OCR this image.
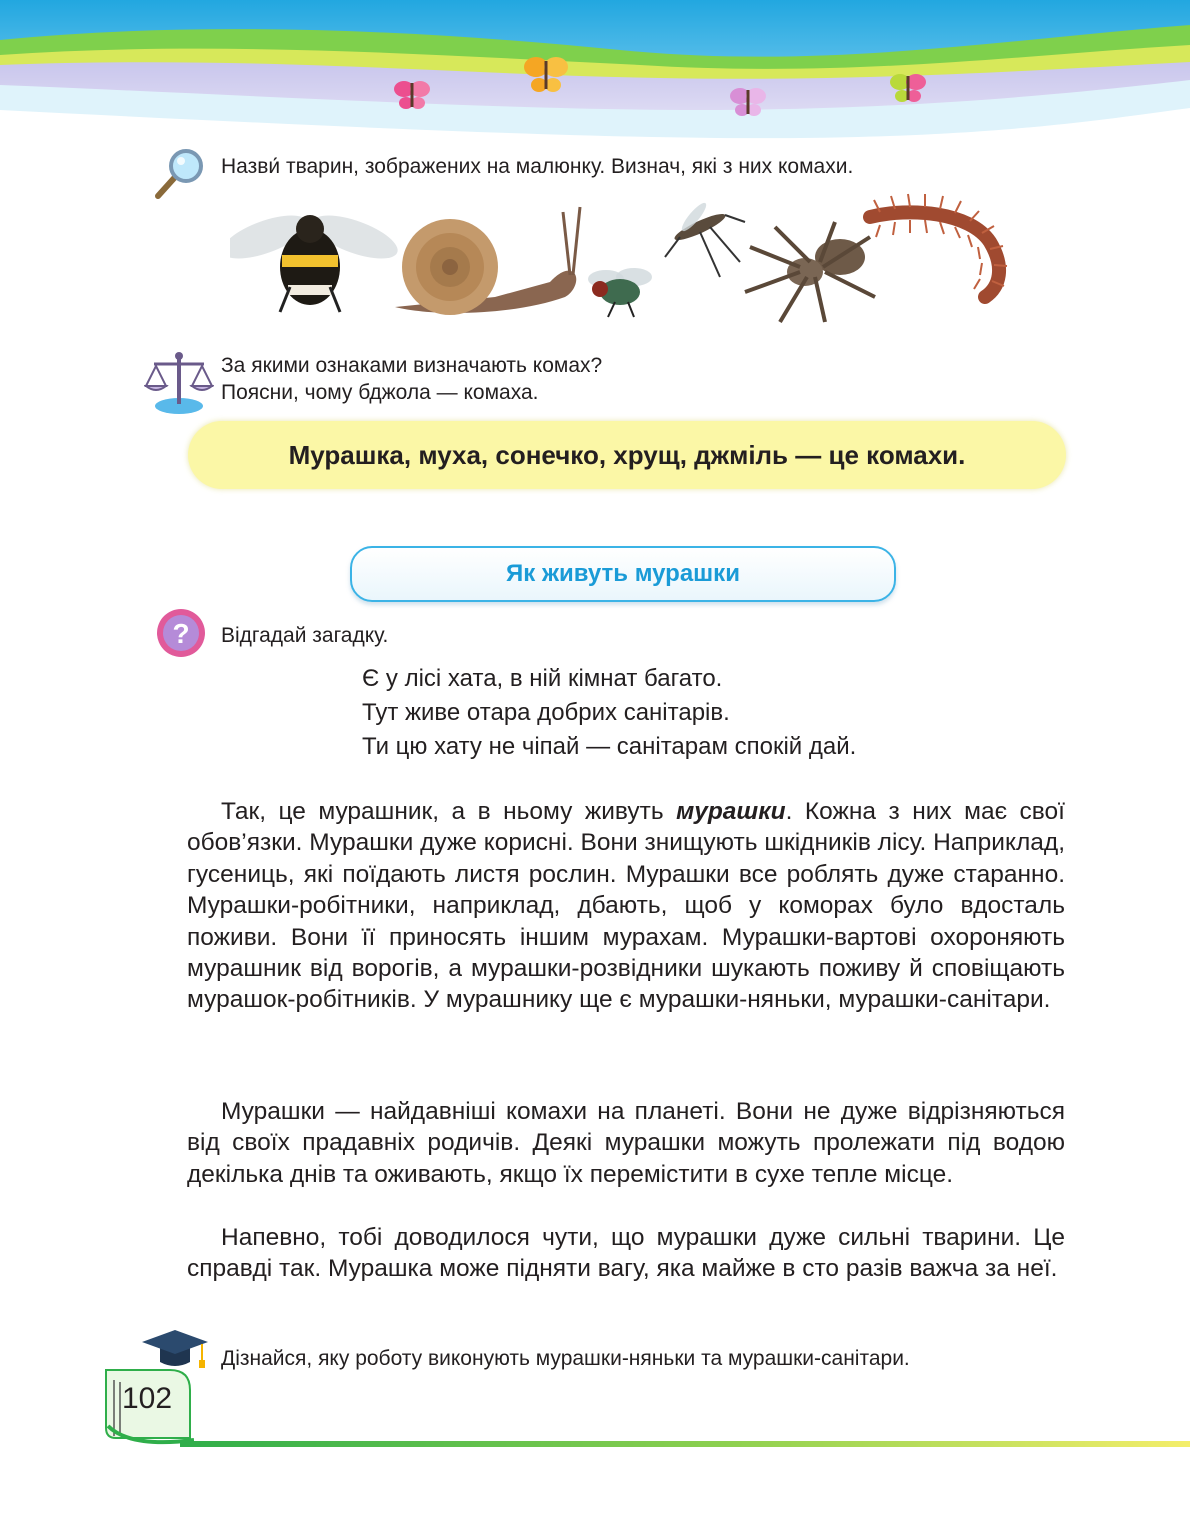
Назви́ тварин, зображених на малюнку. Визнач, які з них комахи.
За якими ознаками визначають комах?
Поясни, чому бджола — комаха.
Мурашка, муха, сонечко, хрущ, джміль — це комахи.
Як живуть мурашки
? Відгадай загадку.
Є у лісі хата, в ній кімнат багато.
Тут живе отара добрих санітарів.
Ти цю хату не чіпай — санітарам спокій дай.

Так, це мурашник, а в ньому живуть мурашки. Кожна з них має свої обов’язки. Мурашки дуже корисні. Вони знищують шкідників лісу. Наприклад, гусениць, які поїдають листя рослин. Мурашки все роблять дуже старанно. Мурашки-робітники, наприклад, дбають, щоб у коморах було вдосталь поживи. Вони її приносять іншим мурахам. Мурашки-вартові охороняють мурашник від ворогів, а мурашки-розвідники шукають поживу й сповіщають мурашок-робітників. У мурашнику ще є мурашки-няньки, мурашки-санітари.

Мурашки — найдавніші комахи на планеті. Вони не дуже відрізняються від своїх прадавніх родичів. Деякі мурашки можуть пролежати під водою декілька днів та оживають, якщо їх перемістити в сухе тепле місце.

Напевно, тобі доводилося чути, що мурашки дуже сильні тварини. Це справді так. Мурашка може підняти вагу, яка майже в сто разів важча за неї.

Дізнайся, яку роботу виконують мурашки-няньки та мурашки-санітари.
102
